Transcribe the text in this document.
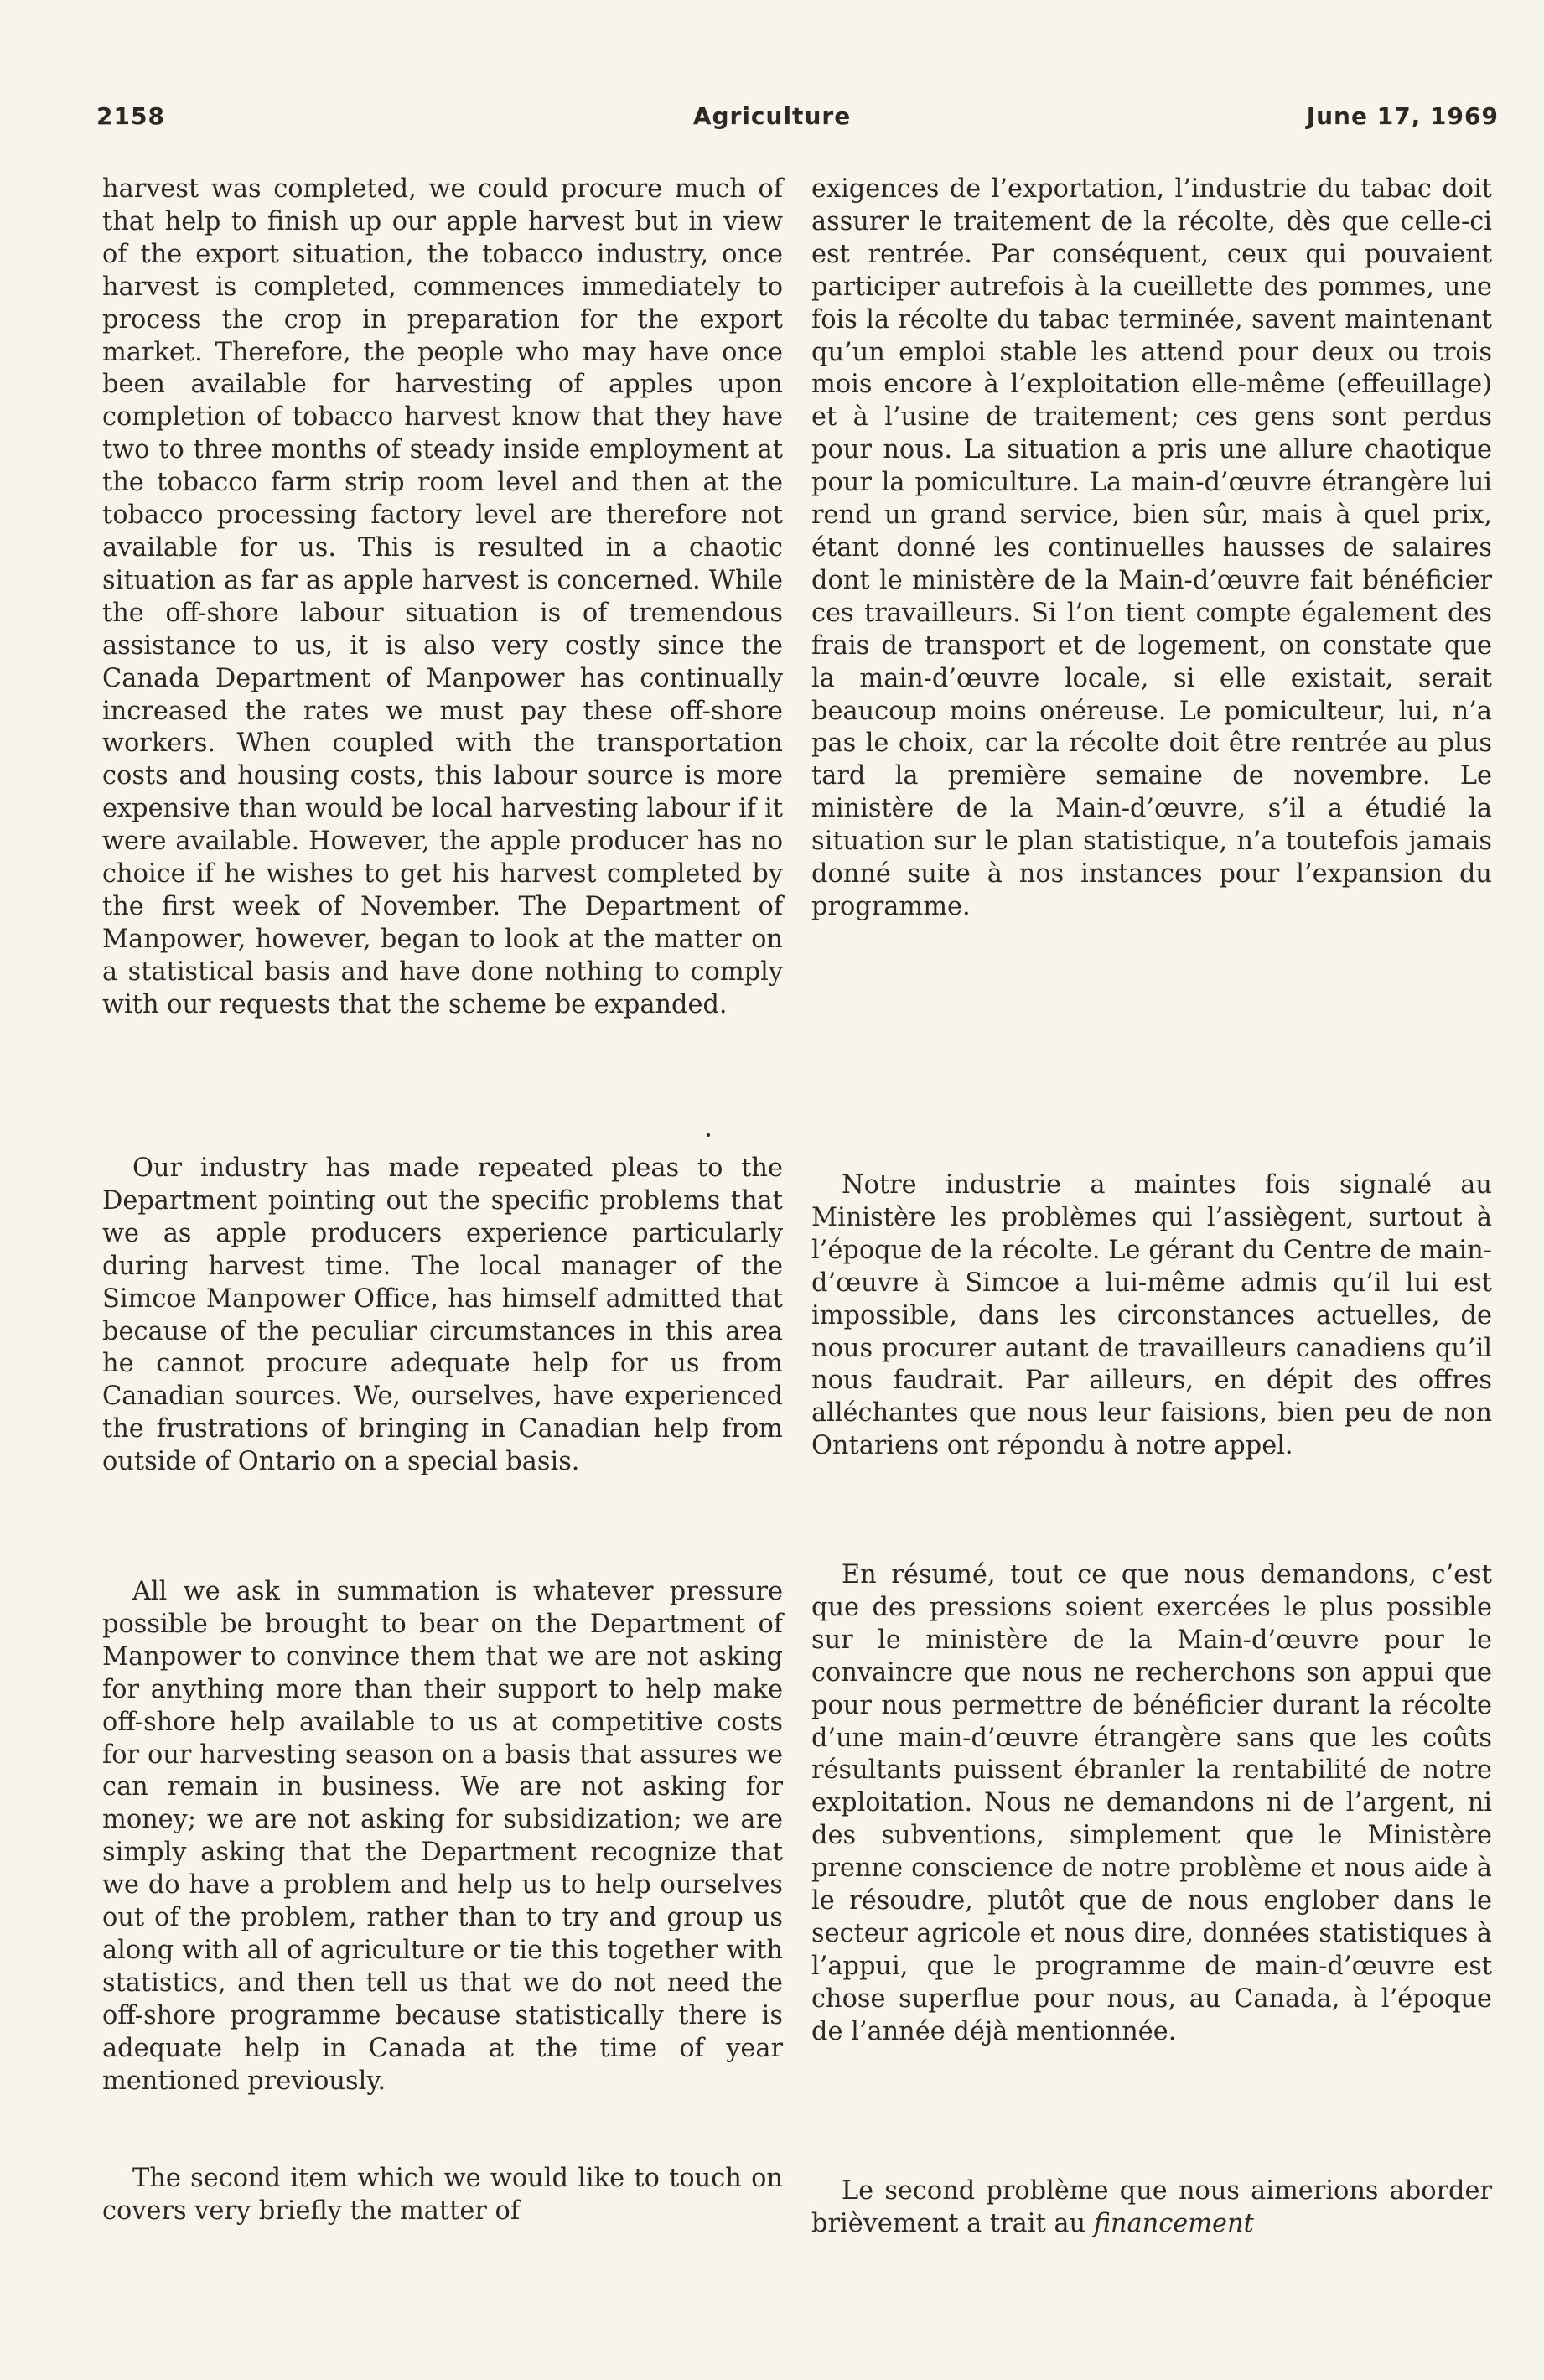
2158	Agriculture	June 17, 1969

harvest was completed, we could procure much of that help to finish up our apple harvest but in view of the export situation, the tobacco industry, once harvest is completed, commences immediately to process the crop in preparation for the export market. Therefore, the people who may have once been available for harvesting of apples upon completion of tobacco harvest know that they have two to three months of steady inside employment at the tobacco farm strip room level and then at the tobacco processing factory level are therefore not available for us. This is resulted in a chaotic situation as far as apple harvest is concerned. While the off-shore labour situation is of tremendous assistance to us, it is also very costly since the Canada Department of Manpower has continually increased the rates we must pay these off-shore workers. When coupled with the transportation costs and housing costs, this labour source is more expensive than would be local harvesting labour if it were available. However, the apple producer has no choice if he wishes to get his harvest completed by the first week of November. The Department of Manpower, however, began to look at the matter on a statistical basis and have done nothing to comply with our requests that the scheme be expanded.

Our industry has made repeated pleas to the Department pointing out the specific problems that we as apple producers experience particularly during harvest time. The local manager of the Simcoe Manpower Office, has himself admitted that because of the peculiar circumstances in this area he cannot procure adequate help for us from Canadian sources. We, ourselves, have experienced the frustrations of bringing in Canadian help from outside of Ontario on a special basis.

All we ask in summation is whatever pressure possible be brought to bear on the Department of Manpower to convince them that we are not asking for anything more than their support to help make off-shore help available to us at competitive costs for our harvesting season on a basis that assures we can remain in business. We are not asking for money; we are not asking for subsidization; we are simply asking that the Department recognize that we do have a problem and help us to help ourselves out of the problem, rather than to try and group us along with all of agriculture or tie this together with statistics, and then tell us that we do not need the off-shore programme because statistically there is adequate help in Canada at the time of year mentioned previously.

The second item which we would like to touch on covers very briefly the matter of

exigences de l’exportation, l’industrie du tabac doit assurer le traitement de la récolte, dès que celle-ci est rentrée. Par conséquent, ceux qui pouvaient participer autrefois à la cueillette des pommes, une fois la récolte du tabac terminée, savent maintenant qu’un emploi stable les attend pour deux ou trois mois encore à l’exploitation elle-même (effeuillage) et à l’usine de traitement; ces gens sont perdus pour nous. La situation a pris une allure chaotique pour la pomiculture. La main-d’œuvre étrangère lui rend un grand service, bien sûr, mais à quel prix, étant donné les continuelles hausses de salaires dont le ministère de la Main-d’œuvre fait bénéficier ces travailleurs. Si l’on tient compte également des frais de transport et de logement, on constate que la main-d’œuvre locale, si elle existait, serait beaucoup moins onéreuse. Le pomiculteur, lui, n’a pas le choix, car la récolte doit être rentrée au plus tard la première semaine de novembre. Le ministère de la Main-d’œuvre, s’il a étudié la situation sur le plan statistique, n’a toutefois jamais donné suite à nos instances pour l’expansion du programme.

Notre industrie a maintes fois signalé au Ministère les problèmes qui l’assiègent, surtout à l’époque de la récolte. Le gérant du Centre de main-d’œuvre à Simcoe a lui-même admis qu’il lui est impossible, dans les circonstances actuelles, de nous procurer autant de travailleurs canadiens qu’il nous faudrait. Par ailleurs, en dépit des offres alléchantes que nous leur faisions, bien peu de non Ontariens ont répondu à notre appel.

En résumé, tout ce que nous demandons, c’est que des pressions soient exercées le plus possible sur le ministère de la Main-d’œuvre pour le convaincre que nous ne recherchons son appui que pour nous permettre de bénéficier durant la récolte d’une main-d’œuvre étrangère sans que les coûts résultants puissent ébranler la rentabilité de notre exploitation. Nous ne demandons ni de l’argent, ni des subventions, simplement que le Ministère prenne conscience de notre problème et nous aide à le résoudre, plutôt que de nous englober dans le secteur agricole et nous dire, données statistiques à l’appui, que le programme de main-d’œuvre est chose superflue pour nous, au Canada, à l’époque de l’année déjà mentionnée.

Le second problème que nous aimerions aborder brièvement a trait au financement
